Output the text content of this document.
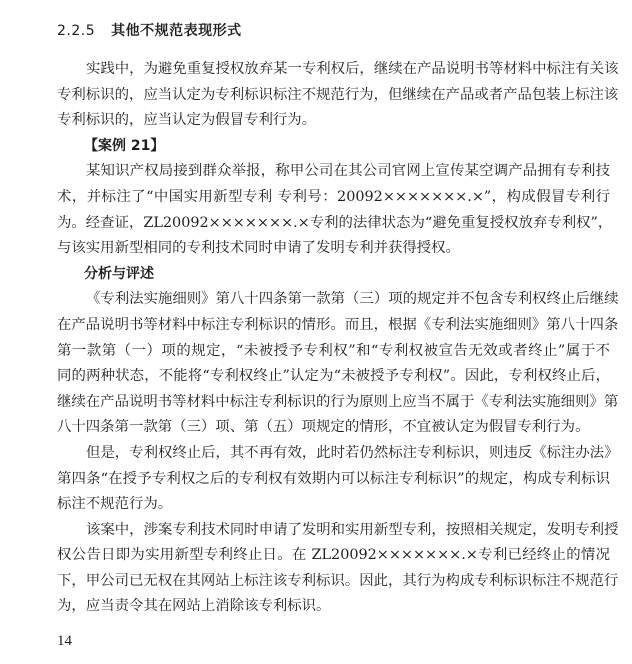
2.2.5 其他不规范表现形式
实践中，为避免重复授权放弃某一专利权后，继续在产品说明书等材料中标注有关该
专利标识的，应当认定为专利标识标注不规范行为，但继续在产品或者产品包装上标注该
专利标识的，应当认定为假冒专利行为。
【案例 21】
某知识产权局接到群众举报，称甲公司在其公司官网上宣传某空调产品拥有专利技
术，并标注了“中国实用新型专利 专利号：20092×××××××.×”，构成假冒专利行
为。经查证，ZL20092×××××××.×专利的法律状态为“避免重复授权放弃专利权”，
与该实用新型相同的专利技术同时申请了发明专利并获得授权。
分析与评述
《专利法实施细则》第八十四条第一款第（三）项的规定并不包含专利权终止后继续
在产品说明书等材料中标注专利标识的情形。而且，根据《专利法实施细则》第八十四条
第一款第（一）项的规定，“未被授予专利权”和“专利权被宣告无效或者终止”属于不
同的两种状态，不能将“专利权终止”认定为“未被授予专利权”。因此，专利权终止后，
继续在产品说明书等材料中标注专利标识的行为原则上应当不属于《专利法实施细则》第
八十四条第一款第（三）项、第（五）项规定的情形，不宜被认定为假冒专利行为。
但是，专利权终止后，其不再有效，此时若仍然标注专利标识，则违反《标注办法》
第四条“在授予专利权之后的专利权有效期内可以标注专利标识”的规定，构成专利标识
标注不规范行为。
该案中，涉案专利技术同时申请了发明和实用新型专利，按照相关规定，发明专利授
权公告日即为实用新型专利终止日。在 ZL20092×××××××.×专利已经终止的情况
下，甲公司已无权在其网站上标注该专利标识。因此，其行为构成专利标识标注不规范行
为，应当责令其在网站上消除该专利标识。
14
